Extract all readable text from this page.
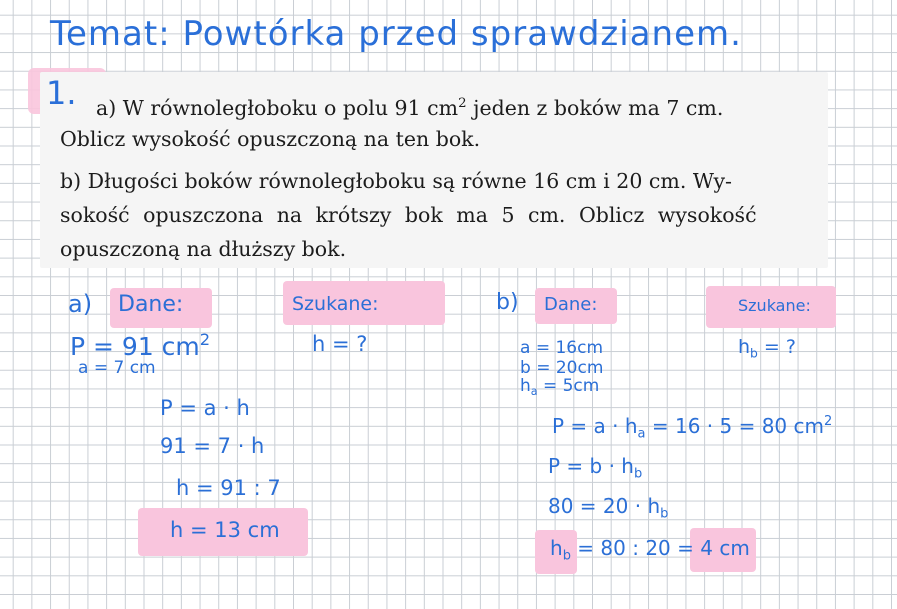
Temat: Powtórka przed sprawdzianem.
1. a) W równoległoboku o polu 91 $cm^2$ jeden z boków ma 7 cm.
Oblicz wysokość opuszczoną na ten bok.
b) Długości boków równoległoboku są równe 16 cm i 20 cm. Wy-
sokość opuszczona na krótszy bok ma 5 cm. Oblicz wysokość
opuszczoną na dłuższy bok.
a) Dane:	Szukane:
P = 91 $cm^2$
a = 7 cm
h = ?
P = a · h
91 = 7 · h
h = 91 : 7
h = 13 cm
b) Dane:	Szukane:
a = 16cm
b = 20cm
$h_a = 5cm$
$h_b$ = ?
$P = a \cdot h_a = 16 \cdot 5 = 80$ $cm^2$
$P = b \cdot h_b$
$80 = 20 \cdot h_b$
$h_b = 80$ : 20 = 4 cm
